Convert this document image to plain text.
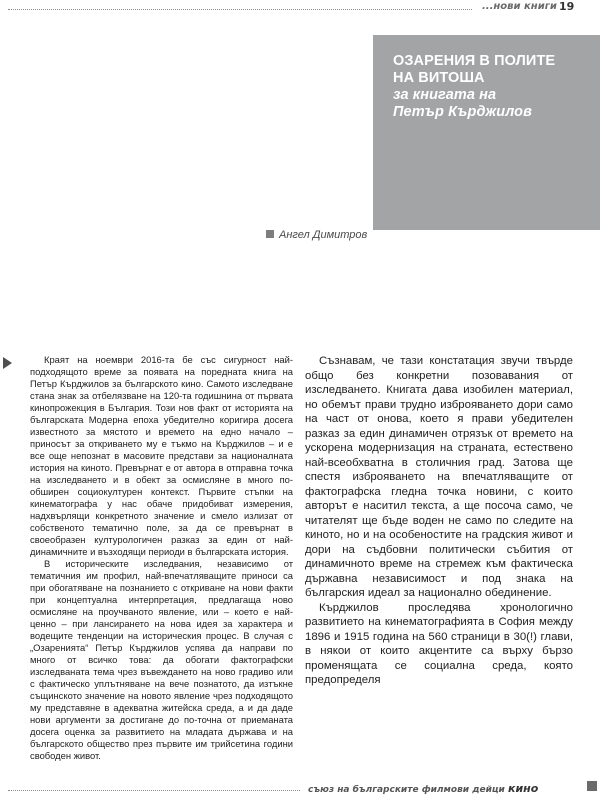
...нови книги 19
ОЗАРЕНИЯ В ПОЛИТЕ
НА ВИТОША
за книгата на
Петър Кърджилов
Ангел Димитров

Краят на ноември 2016-та бе със сигурност най-подходящото време за появата на поредната книга на Петър Кърджилов за българското кино. Самото изследване стана знак за отбелязване на 120-та годишнина от първата кинопрожекция в България. Този нов факт от историята на българската Модерна епоха убедително коригира досега известното за мястото и времето на едно начало – приносът за откриването му е тъкмо на Кърджилов – и е все още непознат в масовите представи за националната история на киното. Превърнат е от автора в отправна точка на изследването и в обект за осмисляне в много по-обширен социокултурен контекст. Първите стъпки на кинематографа у нас обаче придобиват измерения, надхвърлящи конкретното значение и смело излизат от собственото тематично поле, за да се превърнат в своеобразен културологичен разказ за един от най-динамичните и възходящи периоди в българската история.

В историческите изследвания, независимо от тематичния им профил, най-впечатляващите приноси са при обогатяване на познанието с откриване на нови факти при концептуална интерпретация, предлагаща ново осмисляне на проучваното явление, или – което е най-ценно – при лансирането на нова идея за характера и водещите тенденции на историческия процес. В случая с „Озаренията“ Петър Кърджилов успява да направи по много от всичко това: да обогати фактографски изследваната тема чрез въвеждането на ново градиво или с фактическо уплътняване на вече познатото, да изтъкне същинското значение на новото явление чрез подходящото му представяне в адекватна житейска среда, а и да даде нови аргументи за достигане до по-точна от приеманата досега оценка за развитието на младата държава и на българското общество през първите им трийсетина години свободен живот.

Съзнавам, че тази констатация звучи твърде общо без конкретни позовавания от изследването. Книгата дава изобилен материал, но обемът прави трудно изброяването дори само на част от онова, което я прави убедителен разказ за един динамичен отрязък от времето на ускорена модернизация на страната, естествено най-всеобхватна в столичния град. Затова ще спестя изброяването на впечатляващите от фактографска гледна точка новини, с които авторът е наситил текста, а ще посоча само, че читателят ще бъде воден не само по следите на киното, но и на особеностите на градския живот и дори на съдбовни политически събития от динамичното време на стремеж към фактическа държавна независимост и под знака на българския идеал за национално обединение.

Кърджилов проследява хронологично развитието на кинематографията в София между 1896 и 1915 година на 560 страници в 30(!) глави, в някои от които акцентите са върху бързо променящата се социална среда, която предопределя

съюз на българските филмови дейци кино
